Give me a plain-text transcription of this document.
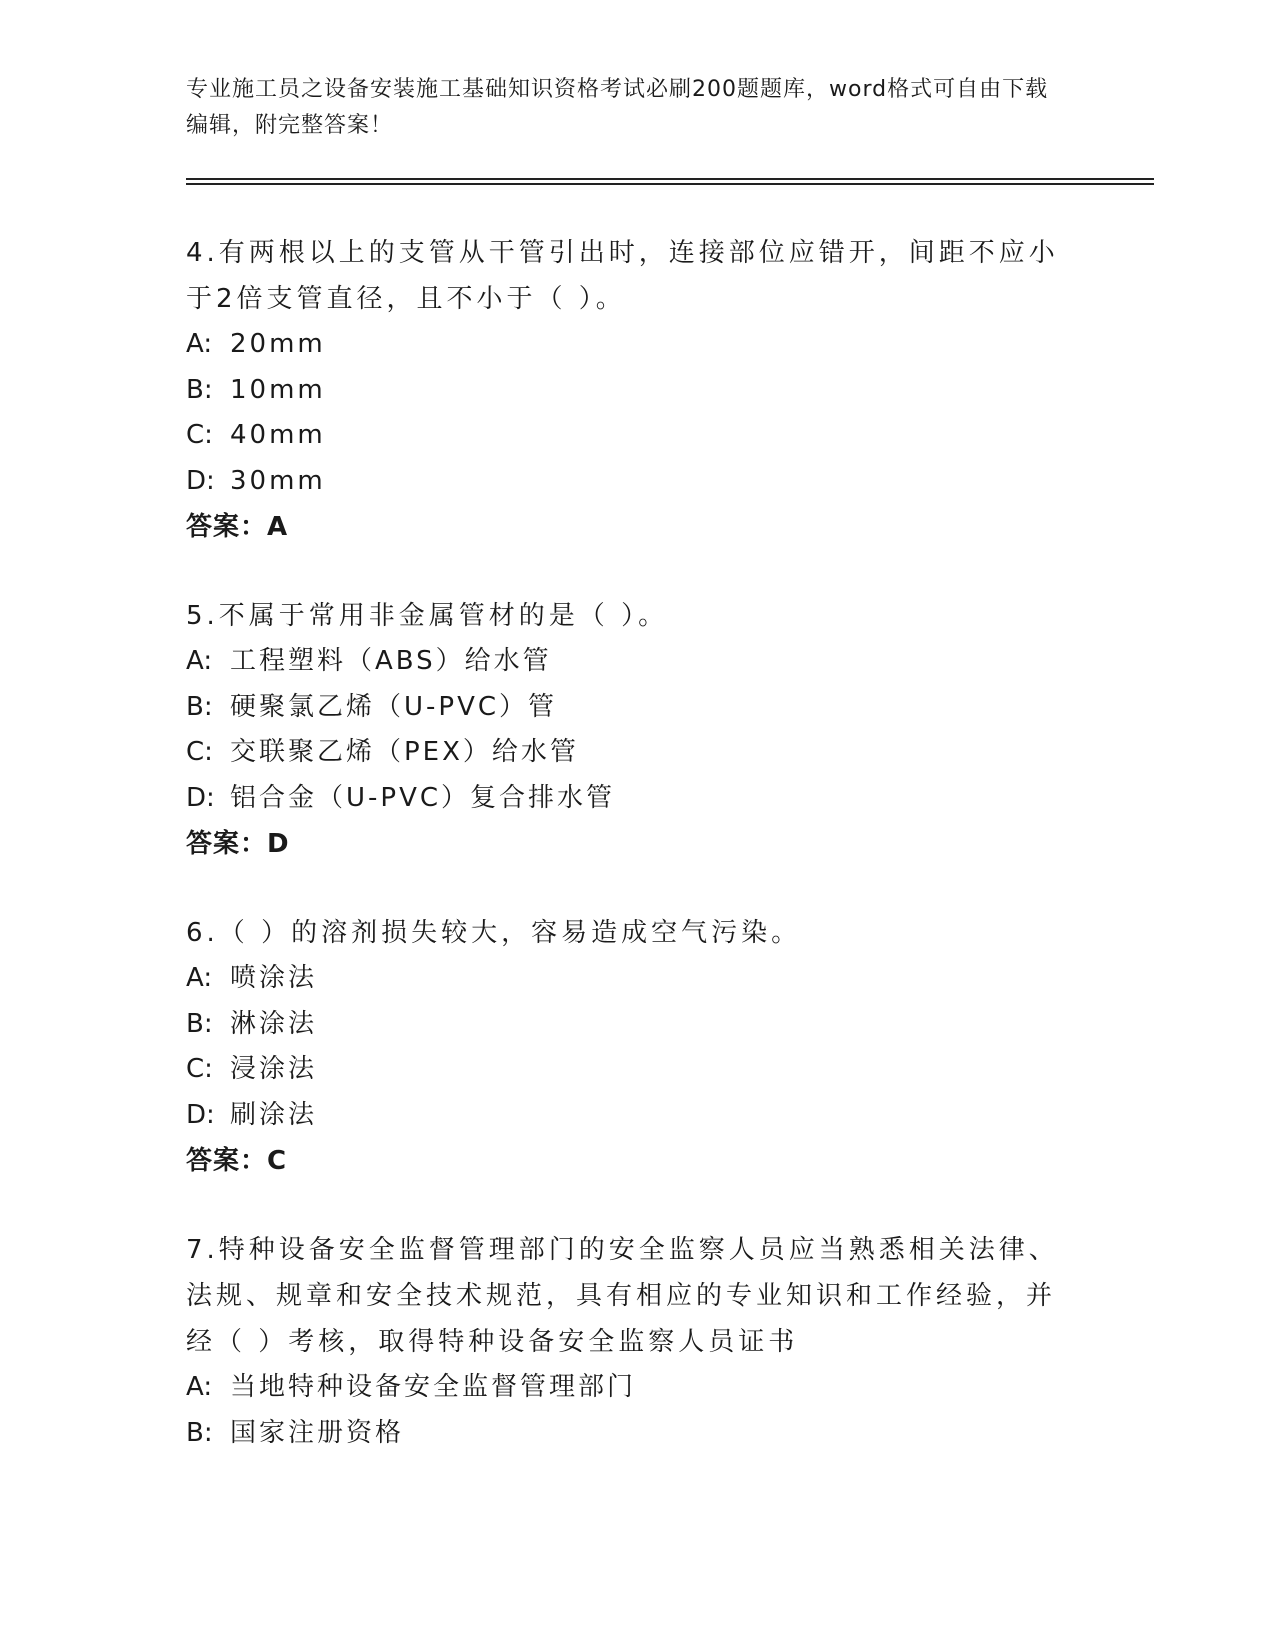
专业施工员之设备安装施工基础知识资格考试必刷200题题库，word格式可自由下载编辑，附完整答案！
4.有两根以上的支管从干管引出时，连接部位应错开，间距不应小于2倍支管直径，且不小于（ ）。
A: 20mm
B: 10mm
C: 40mm
D: 30mm
答案：A
5.不属于常用非金属管材的是（ ）。
A: 工程塑料（ABS）给水管
B: 硬聚氯乙烯（U-PVC）管
C: 交联聚乙烯（PEX）给水管
D: 铝合金（U-PVC）复合排水管
答案：D
6.（ ）的溶剂损失较大，容易造成空气污染。
A: 喷涂法
B: 淋涂法
C: 浸涂法
D: 刷涂法
答案：C
7.特种设备安全监督管理部门的安全监察人员应当熟悉相关法律、法规、规章和安全技术规范，具有相应的专业知识和工作经验，并经（ ）考核，取得特种设备安全监察人员证书
A: 当地特种设备安全监督管理部门
B: 国家注册资格
